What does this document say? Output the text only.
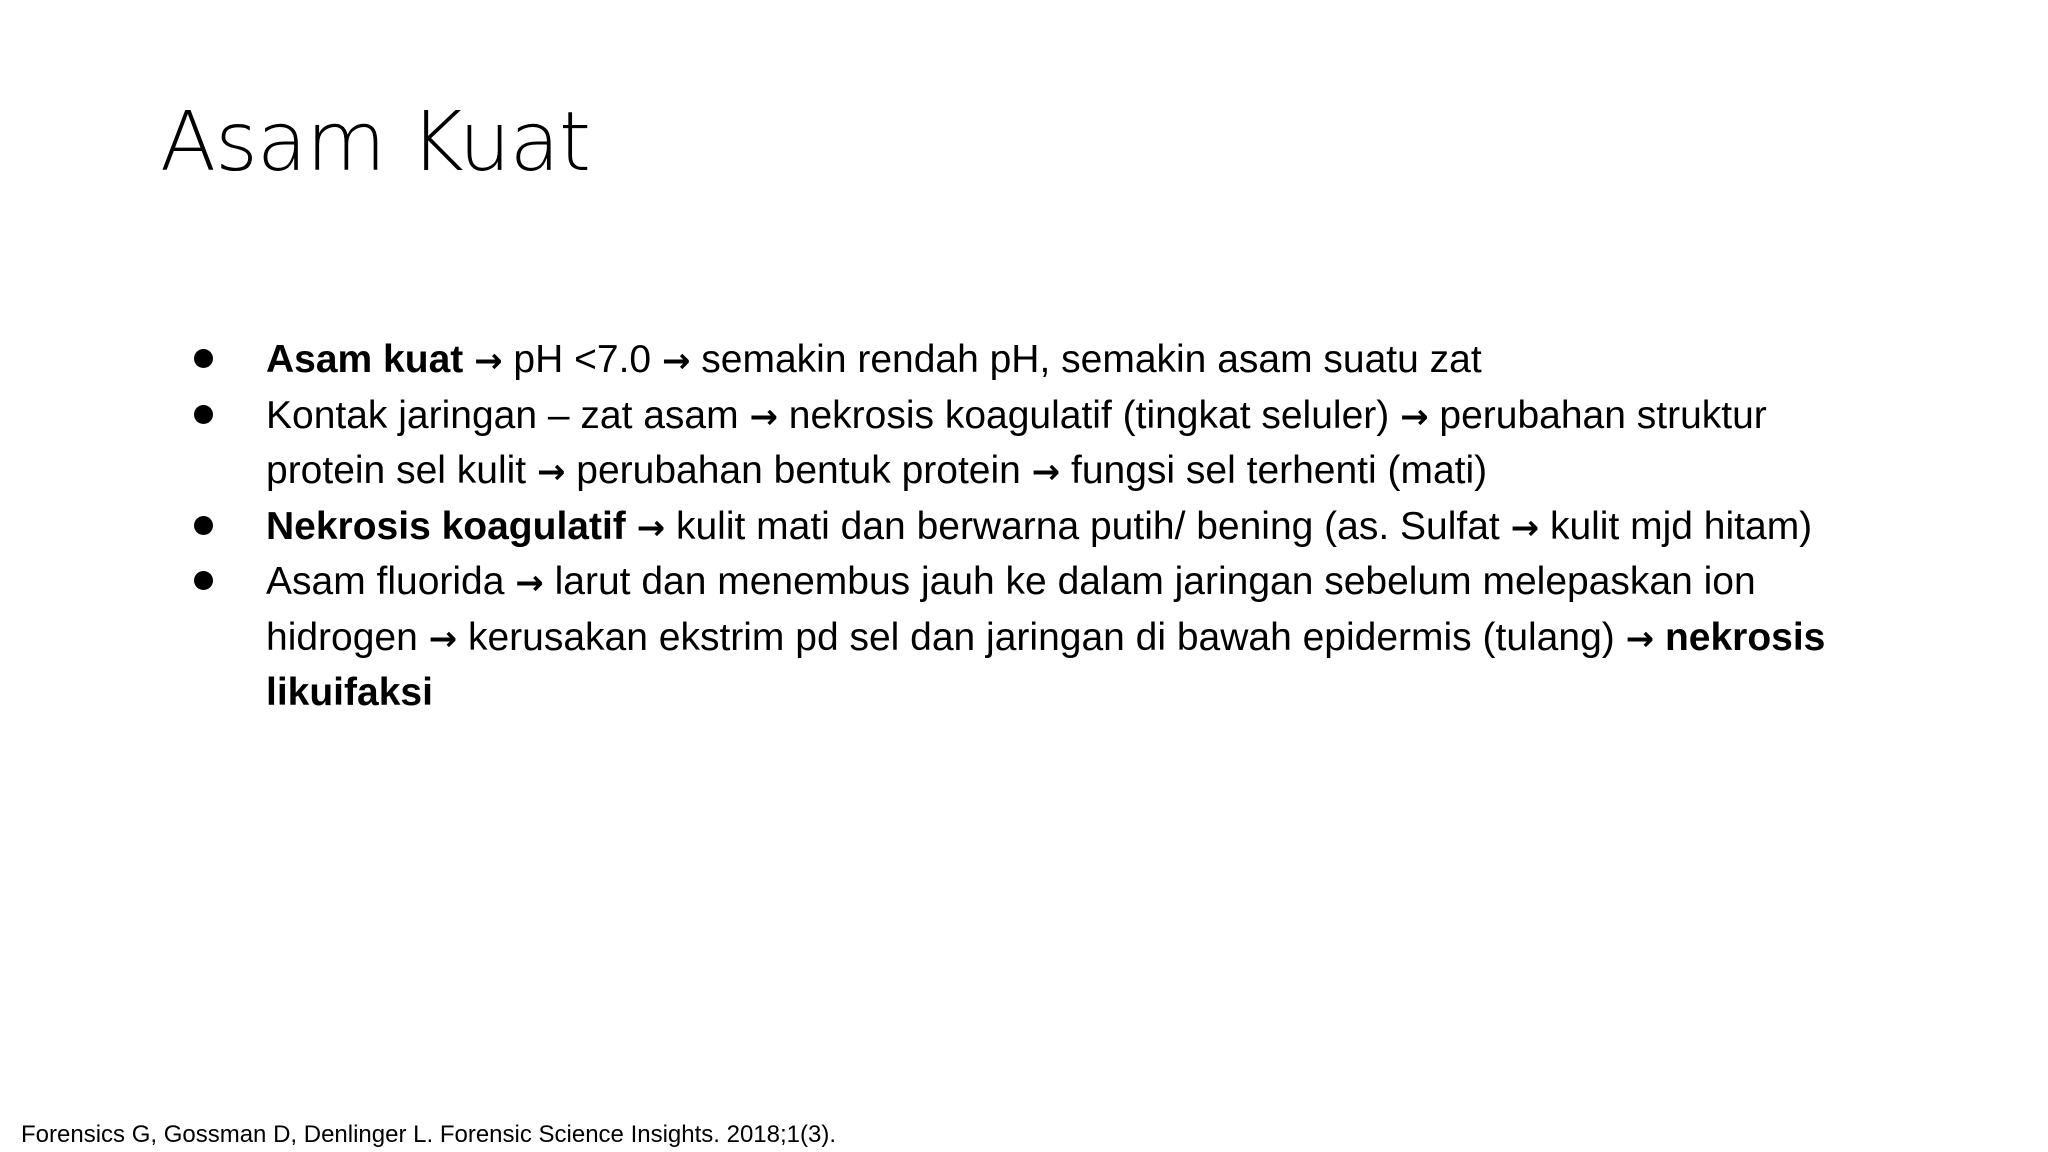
Asam Kuat
Asam kuat → pH <7.0 → semakin rendah pH, semakin asam suatu zat
Kontak jaringan – zat asam → nekrosis koagulatif (tingkat seluler) → perubahan struktur protein sel kulit → perubahan bentuk protein → fungsi sel terhenti (mati)
Nekrosis koagulatif → kulit mati dan berwarna putih/ bening (as. Sulfat → kulit mjd hitam)
Asam fluorida → larut dan menembus jauh ke dalam jaringan sebelum melepaskan ion hidrogen → kerusakan ekstrim pd sel dan jaringan di bawah epidermis (tulang) → nekrosis likuifaksi

Forensics G, Gossman D, Denlinger L. Forensic Science Insights. 2018;1(3).
